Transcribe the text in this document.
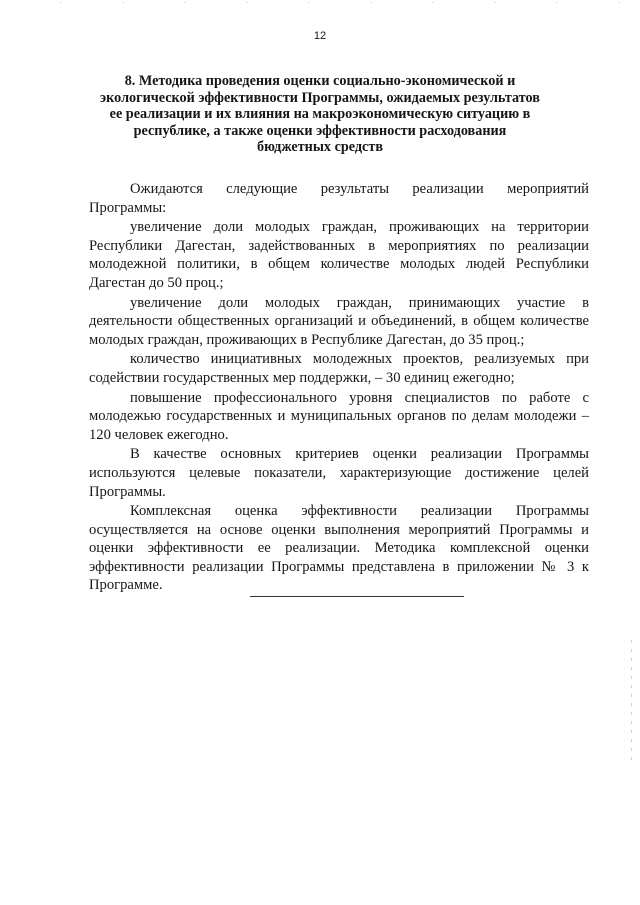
12
8. Методика проведения оценки социально-экономической и
экологической эффективности Программы, ожидаемых результатов
ее реализации и их влияния на макроэкономическую ситуацию в
республике, а также оценки эффективности расходования
бюджетных средств

Ожидаются следующие результаты реализации мероприятий Программы:

увеличение доли молодых граждан, проживающих на территории Республики Дагестан, задействованных в мероприятиях по реализации молодежной политики, в общем количестве молодых людей Республики Дагестан до 50 проц.;

увеличение доли молодых граждан, принимающих участие в деятельности общественных организаций и объединений, в общем количестве молодых граждан, проживающих в Республике Дагестан, до 35 проц.;

количество инициативных молодежных проектов, реализуемых при содействии государственных мер поддержки, – 30 единиц ежегодно;

повышение профессионального уровня специалистов по работе с молодежью государственных и муниципальных органов по делам молодежи –120 человек ежегодно.

В качестве основных критериев оценки реализации Программы используются целевые показатели, характеризующие достижение целей Программы.

Комплексная оценка эффективности реализации Программы осуществляется на основе оценки выполнения мероприятий Программы и оценки эффективности ее реализации. Методика комплексной оценки эффективности реализации Программы представлена в приложении № 3 к Программе.
